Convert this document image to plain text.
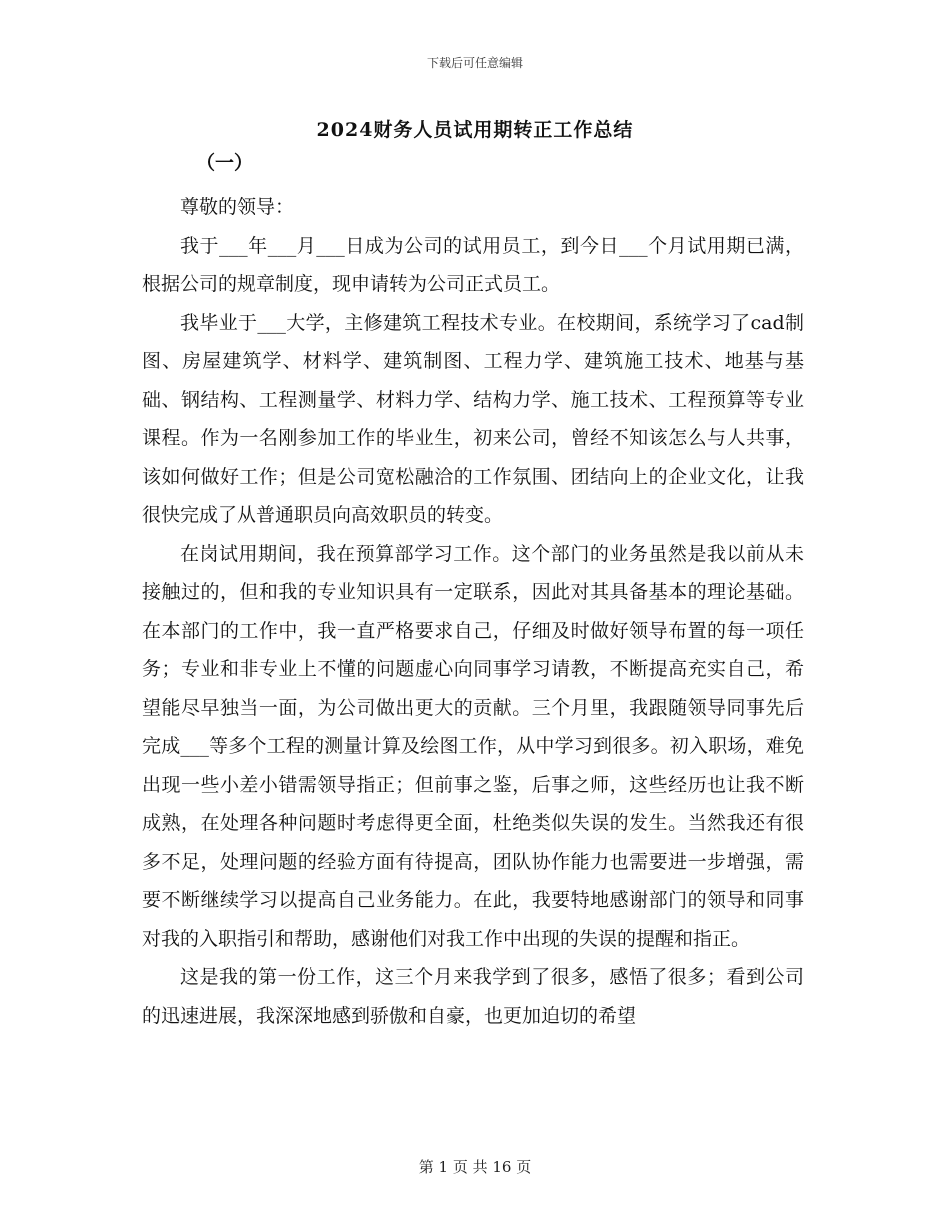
下载后可任意编辑
2024财务人员试用期转正工作总结
（一）

尊敬的领导：

我于___年___月___日成为公司的试用员工，到今日___个月试用期已满，根据公司的规章制度，现申请转为公司正式员工。

我毕业于___大学，主修建筑工程技术专业。在校期间，系统学习了cad制图、房屋建筑学、材料学、建筑制图、工程力学、建筑施工技术、地基与基础、钢结构、工程测量学、材料力学、结构力学、施工技术、工程预算等专业课程。作为一名刚参加工作的毕业生，初来公司，曾经不知该怎么与人共事，该如何做好工作；但是公司宽松融洽的工作氛围、团结向上的企业文化，让我很快完成了从普通职员向高效职员的转变。

在岗试用期间，我在预算部学习工作。这个部门的业务虽然是我以前从未接触过的，但和我的专业知识具有一定联系，因此对其具备基本的理论基础。在本部门的工作中，我一直严格要求自己，仔细及时做好领导布置的每一项任务；专业和非专业上不懂的问题虚心向同事学习请教，不断提高充实自己，希望能尽早独当一面，为公司做出更大的贡献。三个月里，我跟随领导同事先后完成___等多个工程的测量计算及绘图工作，从中学习到很多。初入职场，难免出现一些小差小错需领导指正；但前事之鉴，后事之师，这些经历也让我不断成熟，在处理各种问题时考虑得更全面，杜绝类似失误的发生。当然我还有很多不足，处理问题的经验方面有待提高，团队协作能力也需要进一步增强，需要不断继续学习以提高自己业务能力。在此，我要特地感谢部门的领导和同事对我的入职指引和帮助，感谢他们对我工作中出现的失误的提醒和指正。

这是我的第一份工作，这三个月来我学到了很多，感悟了很多；看到公司的迅速进展，我深深地感到骄傲和自豪，也更加迫切的希望

第 1 页 共 16 页
